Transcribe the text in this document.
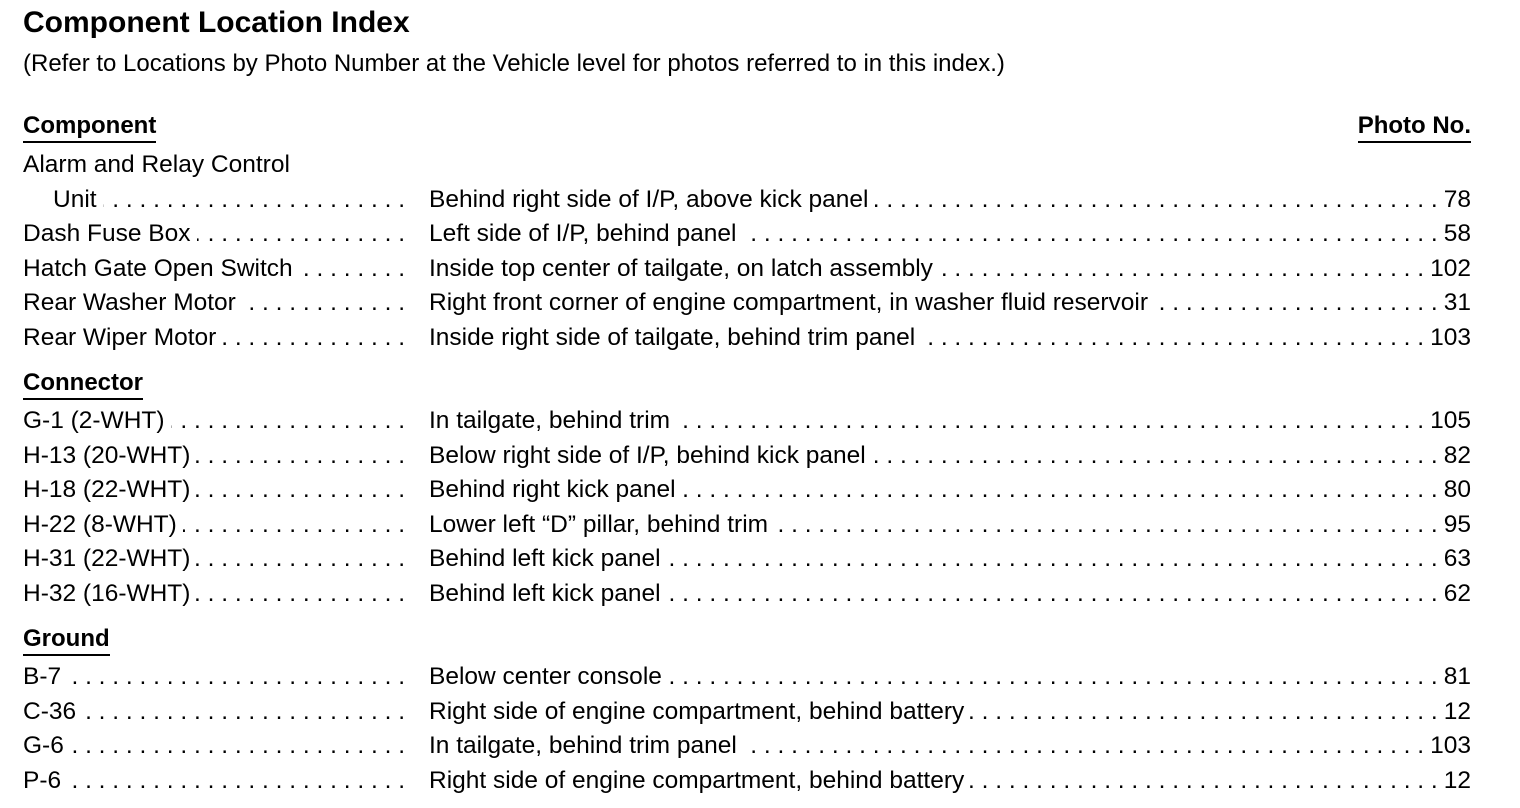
Component Location Index
(Refer to Locations by Photo Number at the Vehicle level for photos referred to in this index.)
Component	Photo No.
Alarm and Relay Control
Unit . . .	Behind right side of I/P, above kick panel . . .	78
Dash Fuse Box . . .	Left side of I/P, behind panel . . .	58
Hatch Gate Open Switch . . .	Inside top center of tailgate, on latch assembly . . .	102
Rear Washer Motor . . .	Right front corner of engine compartment, in washer fluid reservoir . . .	31
Rear Wiper Motor . . .	Inside right side of tailgate, behind trim panel . . .	103
Connector
G-1 (2-WHT) . . .	In tailgate, behind trim . . .	105
H-13 (20-WHT) . . .	Below right side of I/P, behind kick panel . . .	82
H-18 (22-WHT) . . .	Behind right kick panel . . .	80
H-22 (8-WHT) . . .	Lower left “D” pillar, behind trim . . .	95
H-31 (22-WHT) . . .	Behind left kick panel . . .	63
H-32 (16-WHT) . . .	Behind left kick panel . . .	62
Ground
B-7 . . .	Below center console . . .	81
C-36 . . .	Right side of engine compartment, behind battery . . .	12
G-6 . . .	In tailgate, behind trim panel . . .	103
P-6 . . .	Right side of engine compartment, behind battery . . .	12
